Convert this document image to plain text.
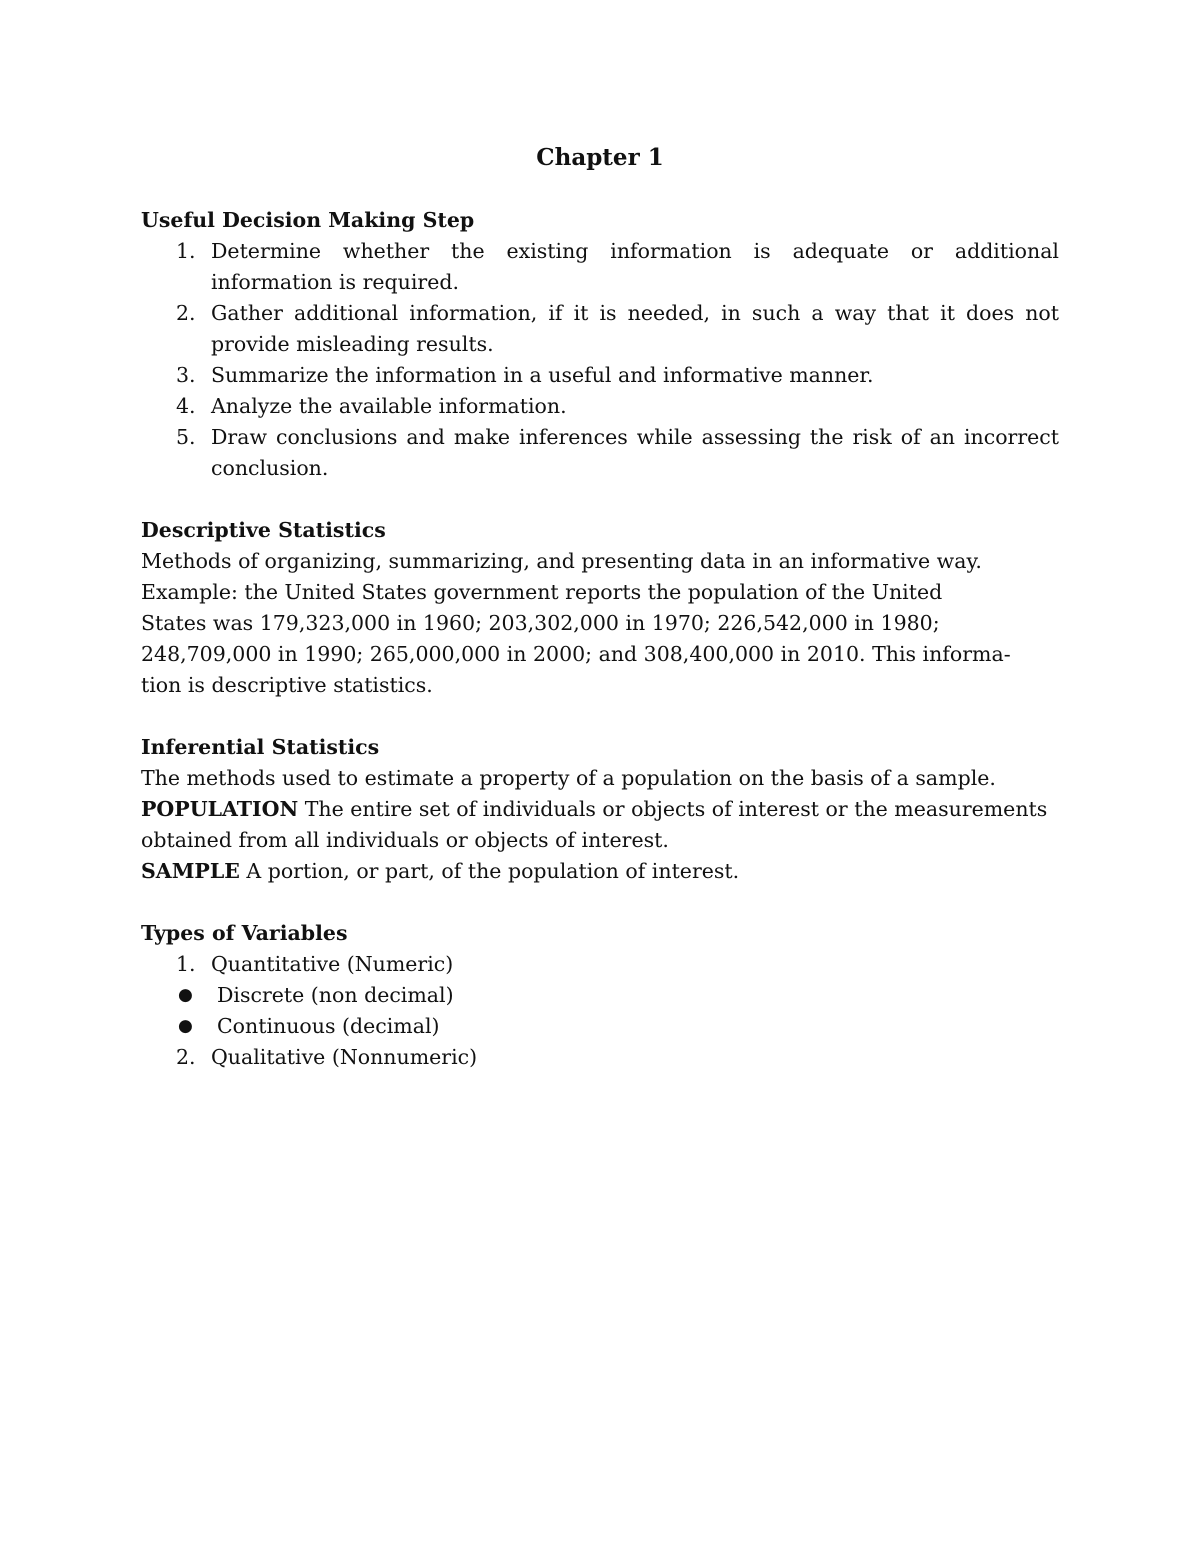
Chapter 1

Useful Decision Making Step

1. Determine whether the existing information is adequate or additional information is required.
2. Gather additional information, if it is needed, in such a way that it does not provide misleading results.
3. Summarize the information in a useful and informative manner.
4. Analyze the available information.
5. Draw conclusions and make inferences while assessing the risk of an incorrect conclusion.

Descriptive Statistics

Methods of organizing, summarizing, and presenting data in an informative way.

Example: the United States government reports the population of the United

States was 179,323,000 in 1960; 203,302,000 in 1970; 226,542,000 in 1980;

248,709,000 in 1990; 265,000,000 in 2000; and 308,400,000 in 2010. This informa-

tion is descriptive statistics.

Inferential Statistics

The methods used to estimate a property of a population on the basis of a sample.

POPULATION The entire set of individuals or objects of interest or the measurements obtained from all individuals or objects of interest.

SAMPLE A portion, or part, of the population of interest.

Types of Variables

1. Quantitative (Numeric)
● Discrete (non decimal)
● Continuous (decimal)
2. Qualitative (Nonnumeric)
